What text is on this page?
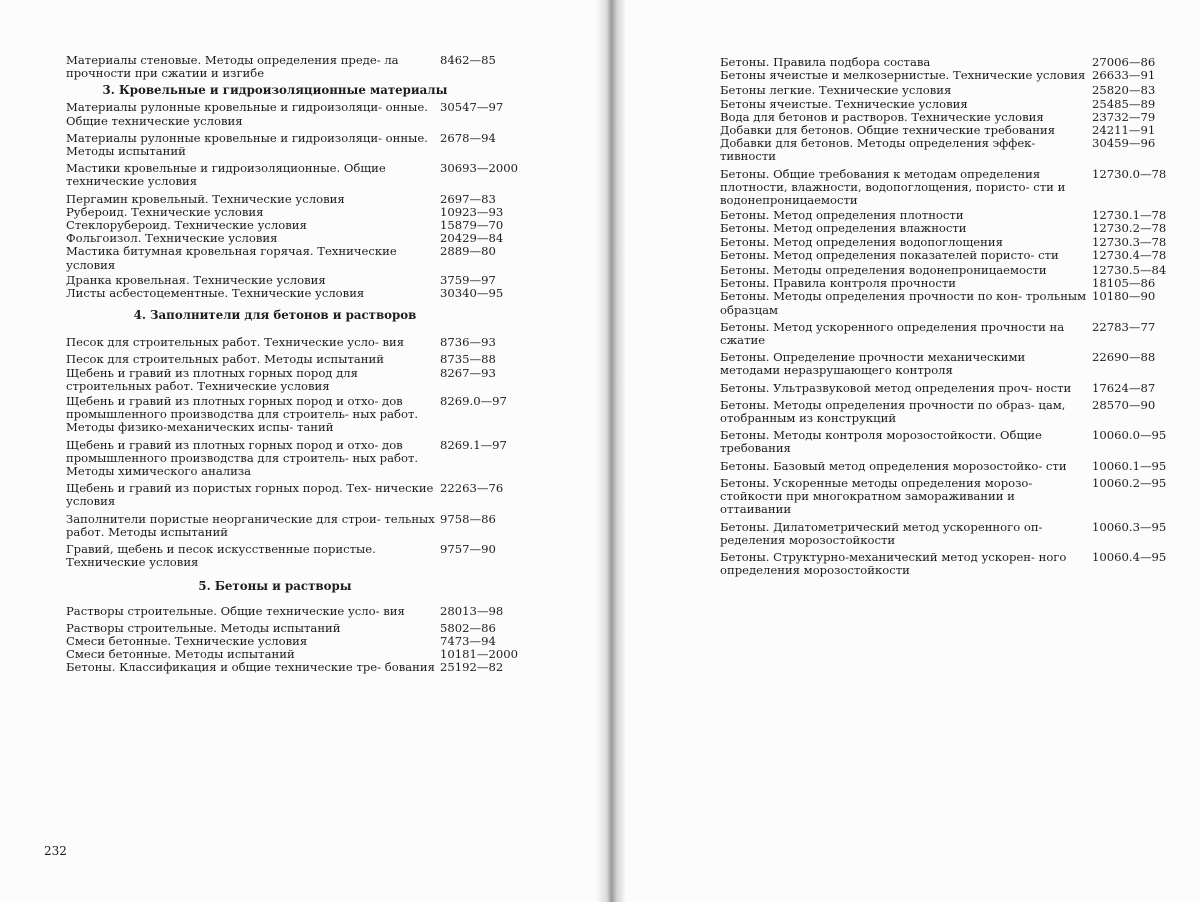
Материалы стеновые. Методы определения преде- ла прочности при сжатии и изгибе
8462—85
3. Кровельные и гидроизоляционные материалы
Материалы рулонные кровельные и гидроизоляци- онные. Общие технические условия
30547—97
Материалы рулонные кровельные и гидроизоляци- онные. Методы испытаний
2678—94
Мастики кровельные и гидроизоляционные. Общие технические условия
30693—2000
Пергамин кровельный. Технические условия	2697—83
Рубероид. Технические условия	10923—93
Стеклорубероид. Технические условия	15879—70
Фольгоизол. Технические условия	20429—84
Мастика битумная кровельная горячая. Технические условия
2889—80
Дранка кровельная. Технические условия	3759—97
Листы асбестоцементные. Технические условия	30340—95
4. Заполнители для бетонов и растворов
Песок для строительных работ. Технические усло- вия	8736—93
Песок для строительных работ. Методы испытаний	8735—88
Щебень и гравий из плотных горных пород для строительных работ. Технические условия
8267—93
Щебень и гравий из плотных горных пород и отхо- дов промышленного производства для строитель- ных работ. Методы физико-механических испы- таний
8269.0—97
Щебень и гравий из плотных горных пород и отхо- дов промышленного производства для строитель- ных работ. Методы химического анализа
8269.1—97
Щебень и гравий из пористых горных пород. Тех- нические условия
22263—76
Заполнители пористые неорганические для строи- тельных работ. Методы испытаний
9758—86
Гравий, щебень и песок искусственные пористые. Технические условия
9757—90
5. Бетоны и растворы
Растворы строительные. Общие технические усло- вия	28013—98
Растворы строительные. Методы испытаний	5802—86
Смеси бетонные. Технические условия	7473—94
Смеси бетонные. Методы испытаний	10181—2000
Бетоны. Классификация и общие технические тре- бования 25192—82
232
Бетоны. Правила подбора состава	27006—86
Бетоны ячеистые и мелкозернистые. Технические условия 26633—91
Бетоны легкие. Технические условия	25820—83
Бетоны ячеистые. Технические условия	25485—89
Вода для бетонов и растворов. Технические условия	23732—79
Добавки для бетонов. Общие технические требования	24211—91
Добавки для бетонов. Методы определения эффек- тивности
30459—96
Бетоны. Общие требования к методам определения плотности, влажности, водопоглощения, пористо- сти и водонепроницаемости
12730.0—78
Бетоны. Метод определения плотности	12730.1—78
Бетоны. Метод определения влажности	12730.2—78
Бетоны. Метод определения водопоглощения	12730.3—78
Бетоны. Метод определения показателей пористо- сти	12730.4—78
Бетоны. Методы определения водонепроницаемости	12730.5—84
Бетоны. Правила контроля прочности	18105—86
Бетоны. Методы определения прочности по кон- трольным образцам
10180—90
Бетоны. Метод ускоренного определения прочности на сжатие
22783—77
Бетоны. Определение прочности механическими методами неразрушающего контроля
22690—88
Бетоны. Ультразвуковой метод определения проч- ности	17624—87
Бетоны. Методы определения прочности по образ- цам, отобранным из конструкций
28570—90
Бетоны. Методы контроля морозостойкости. Общие требования
10060.0—95
Бетоны. Базовый метод определения морозостойко- сти	10060.1—95
Бетоны. Ускоренные методы определения морозо- стойкости при многократном замораживании и оттаивании
10060.2—95
Бетоны. Дилатометрический метод ускоренного оп- ределения морозостойкости
10060.3—95
Бетоны. Структурно-механический метод ускорен- ного определения морозостойкости
10060.4—95
